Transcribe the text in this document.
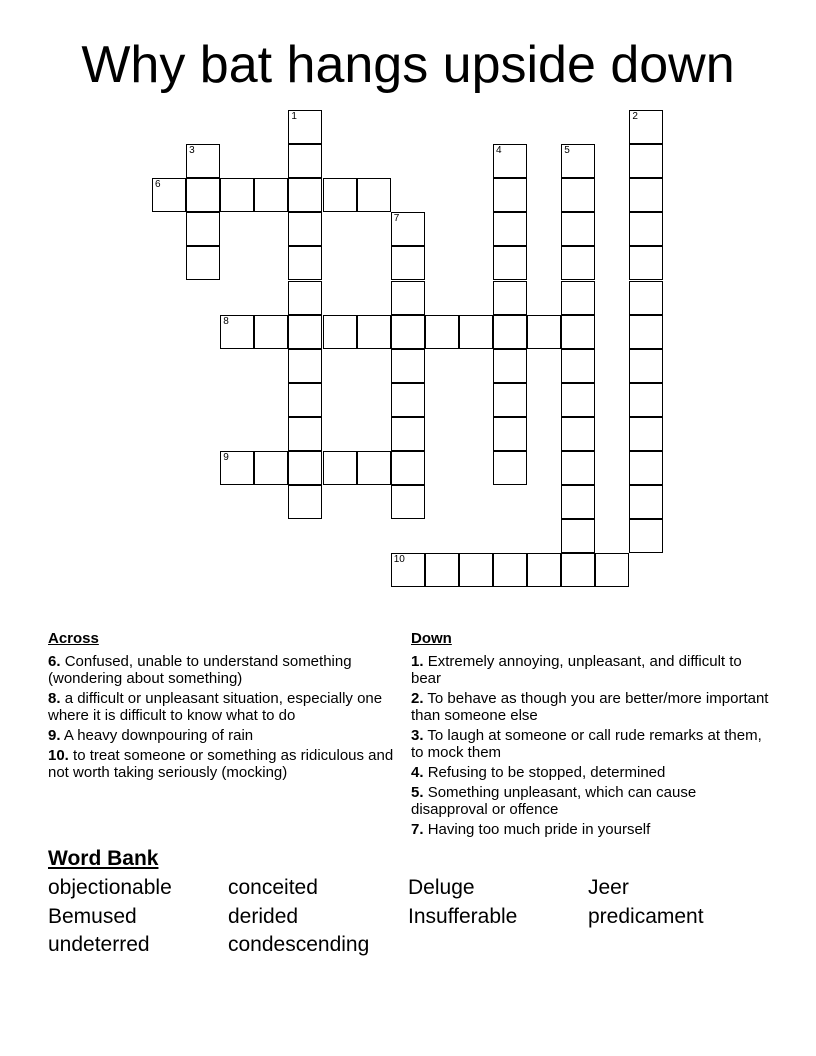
Why bat hangs upside down
1	2
3	4	5
6
7
8
9
10
Across
6. Confused, unable to understand something (wondering about something)
8. a difficult or unpleasant situation, especially one where it is difficult to know what to do
9. A heavy downpouring of rain
10. to treat someone or something as ridiculous and not worth taking seriously (mocking)
Down
1. Extremely annoying, unpleasant, and difficult to bear
2. To behave as though you are better/more important than someone else
3. To laugh at someone or call rude remarks at them, to mock them
4. Refusing to be stopped, determined
5. Something unpleasant, which can cause disapproval or offence
7. Having too much pride in yourself
Word Bank
objectionable	conceited	Deluge	Jeer
Bemused	derided	Insufferable	predicament
undeterred	condescending
